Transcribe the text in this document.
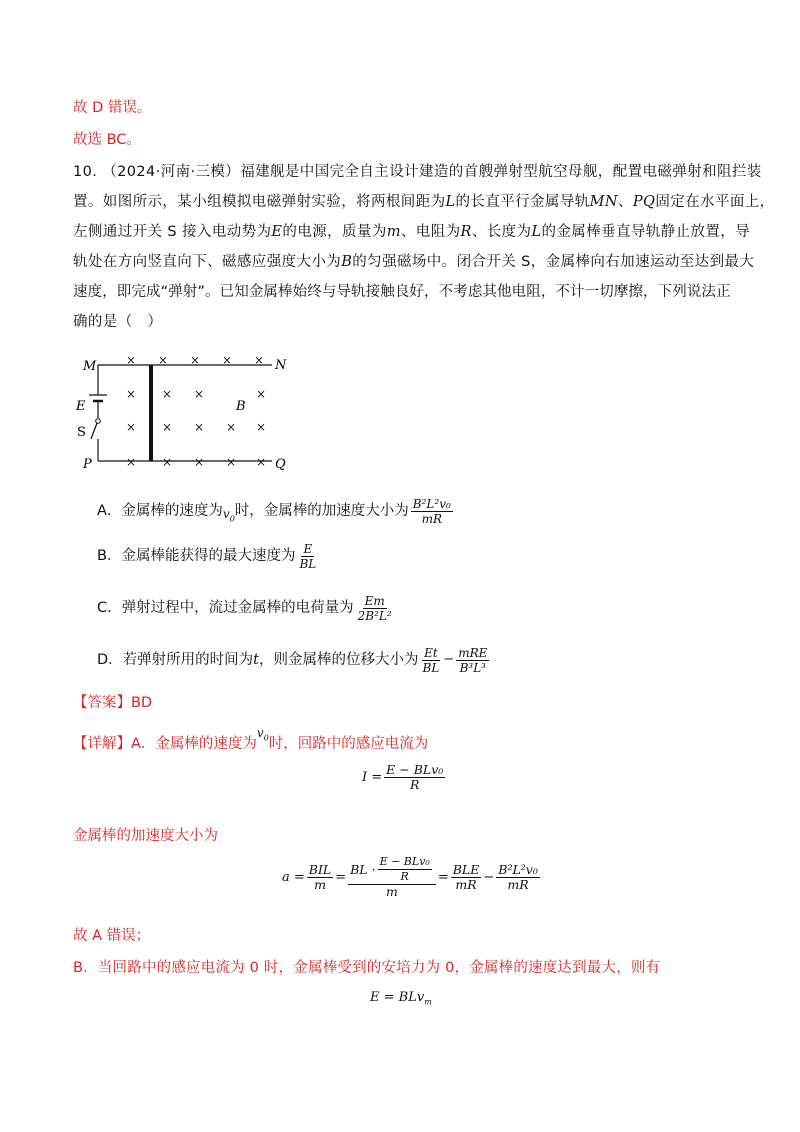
故 D 错误。
故选 BC。
10. （2024·河南·三模）福建舰是中国完全自主设计建造的首艘弹射型航空母舰，配置电磁弹射和阻拦装
置。如图所示，某小组模拟电磁弹射实验，将两根间距为L的长直平行金属导轨MN、PQ固定在水平面上，
左侧通过开关 S 接入电动势为E的电源，质量为m、电阻为R、长度为L的金属棒垂直导轨静止放置，导
轨处在方向竖直向下、磁感应强度大小为B的匀强磁场中。闭合开关 S，金属棒向右加速运动至达到最大
速度，即完成“弹射”。已知金属棒始终与导轨接触良好，不考虑其他电阻，不计一切摩擦，下列说法正
确的是（　）
M	N
P	Q
E
S
B
× × × × ×
× × ×	×
× × × × ×
× × × × ×
A．金属棒的速度为 $v_0$
时，金属棒的加速度大小为 $\frac{\text{B²L²v₀}}{mR}$
B．金属棒能获得的最大速度为 $\frac{E}{BL}$
C．弹射过程中，流过金属棒的电荷量为 $\frac{Em}{\text{2B²L²}}$
D．若弹射所用的时间为 t ，则金属棒的位移大小为 $\frac{Et}{BL} - \frac{\text{mRE}}{\text{B³L³}}$
【答案】BD
【详解】A．金属棒的速度为
$v_0$ 时，回路中的感应电流为
$I = \frac{\text{E − BLv₀}}{R}$
金属棒的加速度大小为
$a = \frac{\text{BIL}}{m} = \frac{BL \cdot \frac{\text{E − BLv₀}}{R}}{m} = \frac{\text{BLE}}{mR} - \frac{\text{B²L²v₀}}{mR}$
故 A 错误；
B．当回路中的感应电流为 0 时，金属棒受到的安培力为 0，金属棒的速度达到最大，则有
E = BLv$_m$
